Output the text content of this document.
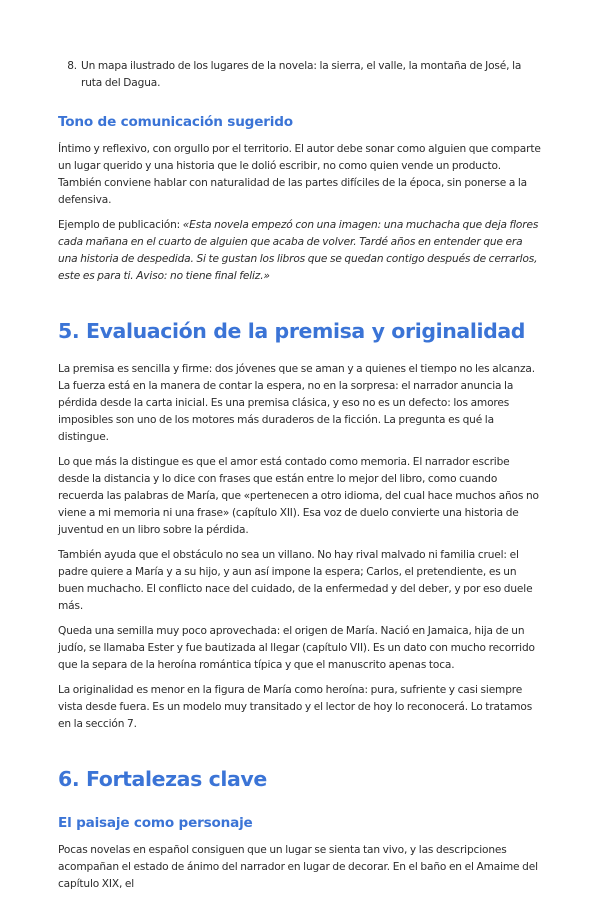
8. Un mapa ilustrado de los lugares de la novela: la sierra, el valle, la montaña de José, la ruta del Dagua.
Tono de comunicación sugerido

Íntimo y reflexivo, con orgullo por el territorio. El autor debe sonar como alguien que comparte un lugar querido y una historia que le dolió escribir, no como quien vende un producto. También conviene hablar con naturalidad de las partes difíciles de la época, sin ponerse a la defensiva.

Ejemplo de publicación: «Esta novela empezó con una imagen: una muchacha que deja flores cada mañana en el cuarto de alguien que acaba de volver. Tardé años en entender que era una historia de despedida. Si te gustan los libros que se quedan contigo después de cerrarlos, este es para ti. Aviso: no tiene final feliz.»

5. Evaluación de la premisa y originalidad

La premisa es sencilla y firme: dos jóvenes que se aman y a quienes el tiempo no les alcanza. La fuerza está en la manera de contar la espera, no en la sorpresa: el narrador anuncia la pérdida desde la carta inicial. Es una premisa clásica, y eso no es un defecto: los amores imposibles son uno de los motores más duraderos de la ficción. La pregunta es qué la distingue.

Lo que más la distingue es que el amor está contado como memoria. El narrador escribe desde la distancia y lo dice con frases que están entre lo mejor del libro, como cuando recuerda las palabras de María, que «pertenecen a otro idioma, del cual hace muchos años no viene a mi memoria ni una frase» (capítulo XII). Esa voz de duelo convierte una historia de juventud en un libro sobre la pérdida.

También ayuda que el obstáculo no sea un villano. No hay rival malvado ni familia cruel: el padre quiere a María y a su hijo, y aun así impone la espera; Carlos, el pretendiente, es un buen muchacho. El conflicto nace del cuidado, de la enfermedad y del deber, y por eso duele más.

Queda una semilla muy poco aprovechada: el origen de María. Nació en Jamaica, hija de un judío, se llamaba Ester y fue bautizada al llegar (capítulo VII). Es un dato con mucho recorrido que la separa de la heroína romántica típica y que el manuscrito apenas toca.

La originalidad es menor en la figura de María como heroína: pura, sufriente y casi siempre vista desde fuera. Es un modelo muy transitado y el lector de hoy lo reconocerá. Lo tratamos en la sección 7.

6. Fortalezas clave
El paisaje como personaje

Pocas novelas en español consiguen que un lugar se sienta tan vivo, y las descripciones acompañan el estado de ánimo del narrador en lugar de decorar. En el baño en el Amaime del capítulo XIX, el
